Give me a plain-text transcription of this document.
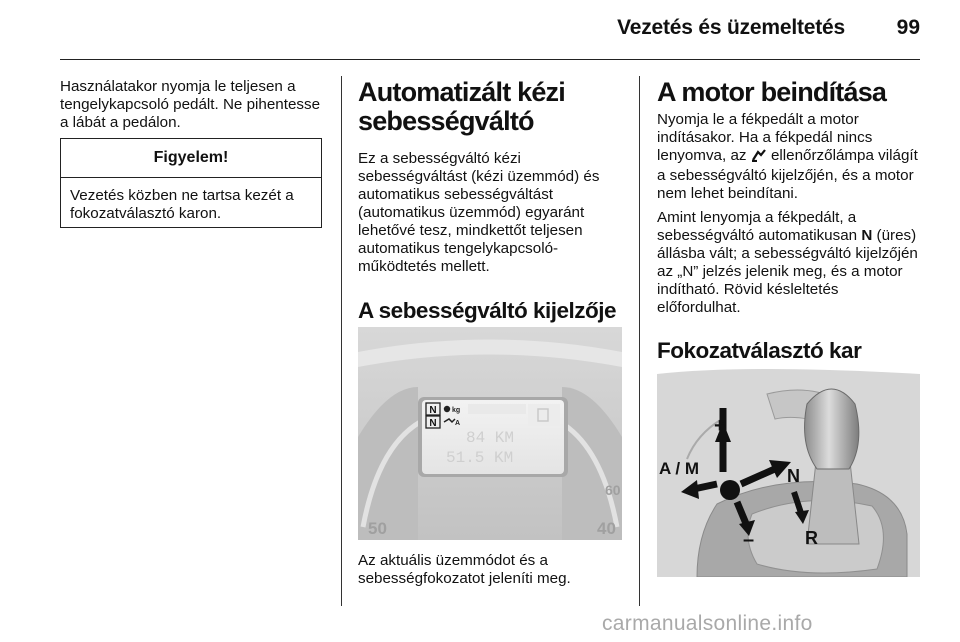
Vezetés és üzemeltetés	99

Használatakor nyomja le teljesen a tengelykapcsoló pedált. Ne pihentesse a lábát a pedálon.

Figyelem!
Vezetés közben ne tartsa kezét a fokozatválasztó karon.
Automatizált kézi sebességváltó

Ez a sebességváltó kézi sebességváltást (kézi üzemmód) és automatikus sebességváltást (automatikus üzemmód) egyaránt lehetővé tesz, mindkettőt teljesen automatikus tengelykapcsoló-működtetés mellett.

A sebességváltó kijelzője
N
N
kg
A
84 KM
51.5 KM
50
60
40

Az aktuális üzemmódot és a sebességfokozatot jeleníti meg.

A motor beindítása

Nyomja le a fékpedált a motor indításakor. Ha a fékpedál nincs lenyomva, az ellenőrzőlámpa világít a sebességváltó kijelzőjén, és a motor nem lehet beindítani.

Amint lenyomja a fékpedált, a sebességváltó automatikusan N (üres) állásba vált; a sebességváltó kijelzőjén az „N” jelzés jelenik meg, és a motor indítható. Rövid késleltetés előfordulhat.

Fokozatválasztó kar
+
A / M	N
–	R
carmanualsonline.info
